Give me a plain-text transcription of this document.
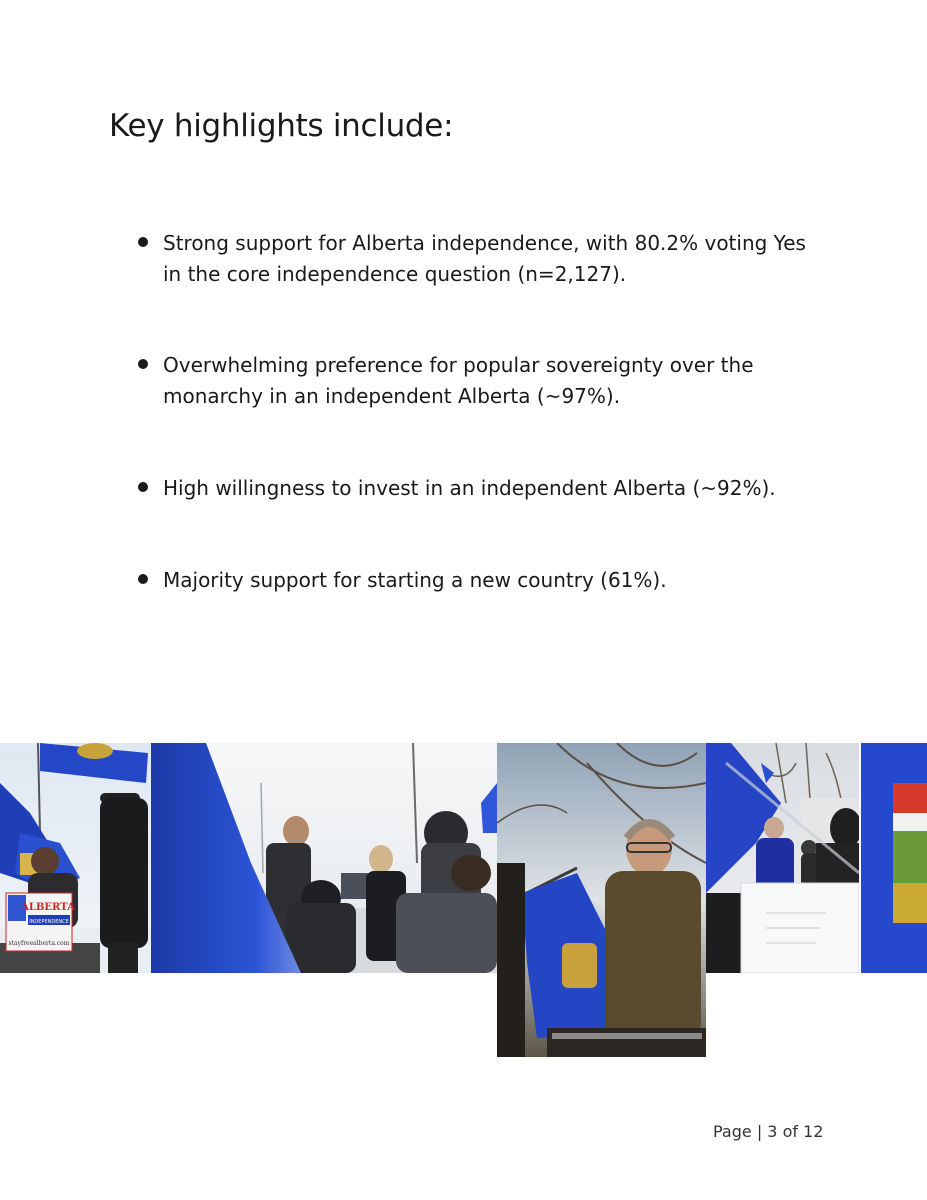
Key highlights include:
Strong support for Alberta independence, with 80.2% voting Yes in the core independence question (n=2,127).
Overwhelming preference for popular sovereignty over the monarchy in an independent Alberta (~97%).
High willingness to invest in an independent Alberta (~92%).
Majority support for starting a new country (61%).
ALBERTA
INDEPENDENCE
stayfreealberta.com
Page | 3 of 12
